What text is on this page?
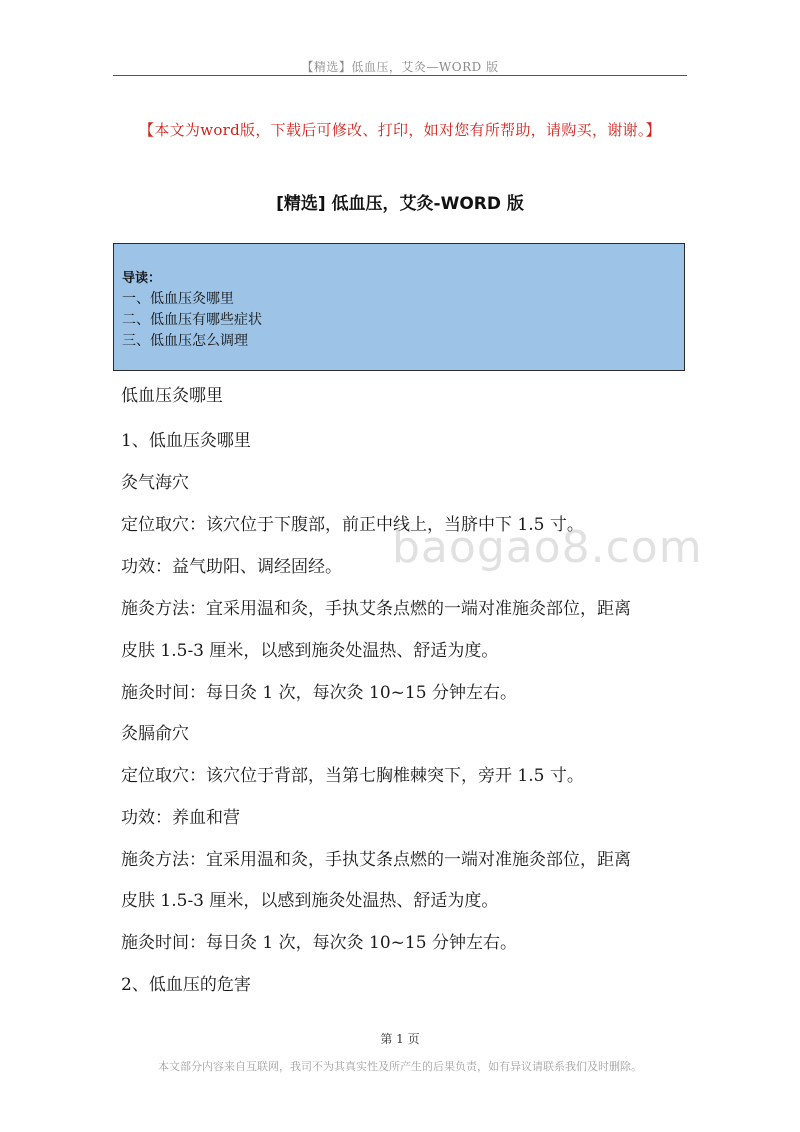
【精选】低血压，艾灸—WORD 版
【本文为word版，下载后可修改、打印，如对您有所帮助，请购买，谢谢。】
[精选] 低血压，艾灸-WORD 版
导读：
一、低血压灸哪里
二、低血压有哪些症状
三、低血压怎么调理
低血压灸哪里
1、低血压灸哪里
灸气海穴
定位取穴：该穴位于下腹部，前正中线上，当脐中下 1.5 寸。
功效：益气助阳、调经固经。
施灸方法：宜采用温和灸，手执艾条点燃的一端对准施灸部位，距离
皮肤 1.5-3 厘米，以感到施灸处温热、舒适为度。
施灸时间：每日灸 1 次，每次灸 10~15 分钟左右。
灸膈俞穴
定位取穴：该穴位于背部，当第七胸椎棘突下，旁开 1.5 寸。
功效：养血和营
施灸方法：宜采用温和灸，手执艾条点燃的一端对准施灸部位，距离
皮肤 1.5-3 厘米，以感到施灸处温热、舒适为度。
施灸时间：每日灸 1 次，每次灸 10~15 分钟左右。
2、低血压的危害
baogao8.com
第 1 页
本文部分内容来自互联网，我司不为其真实性及所产生的后果负责，如有异议请联系我们及时删除。
